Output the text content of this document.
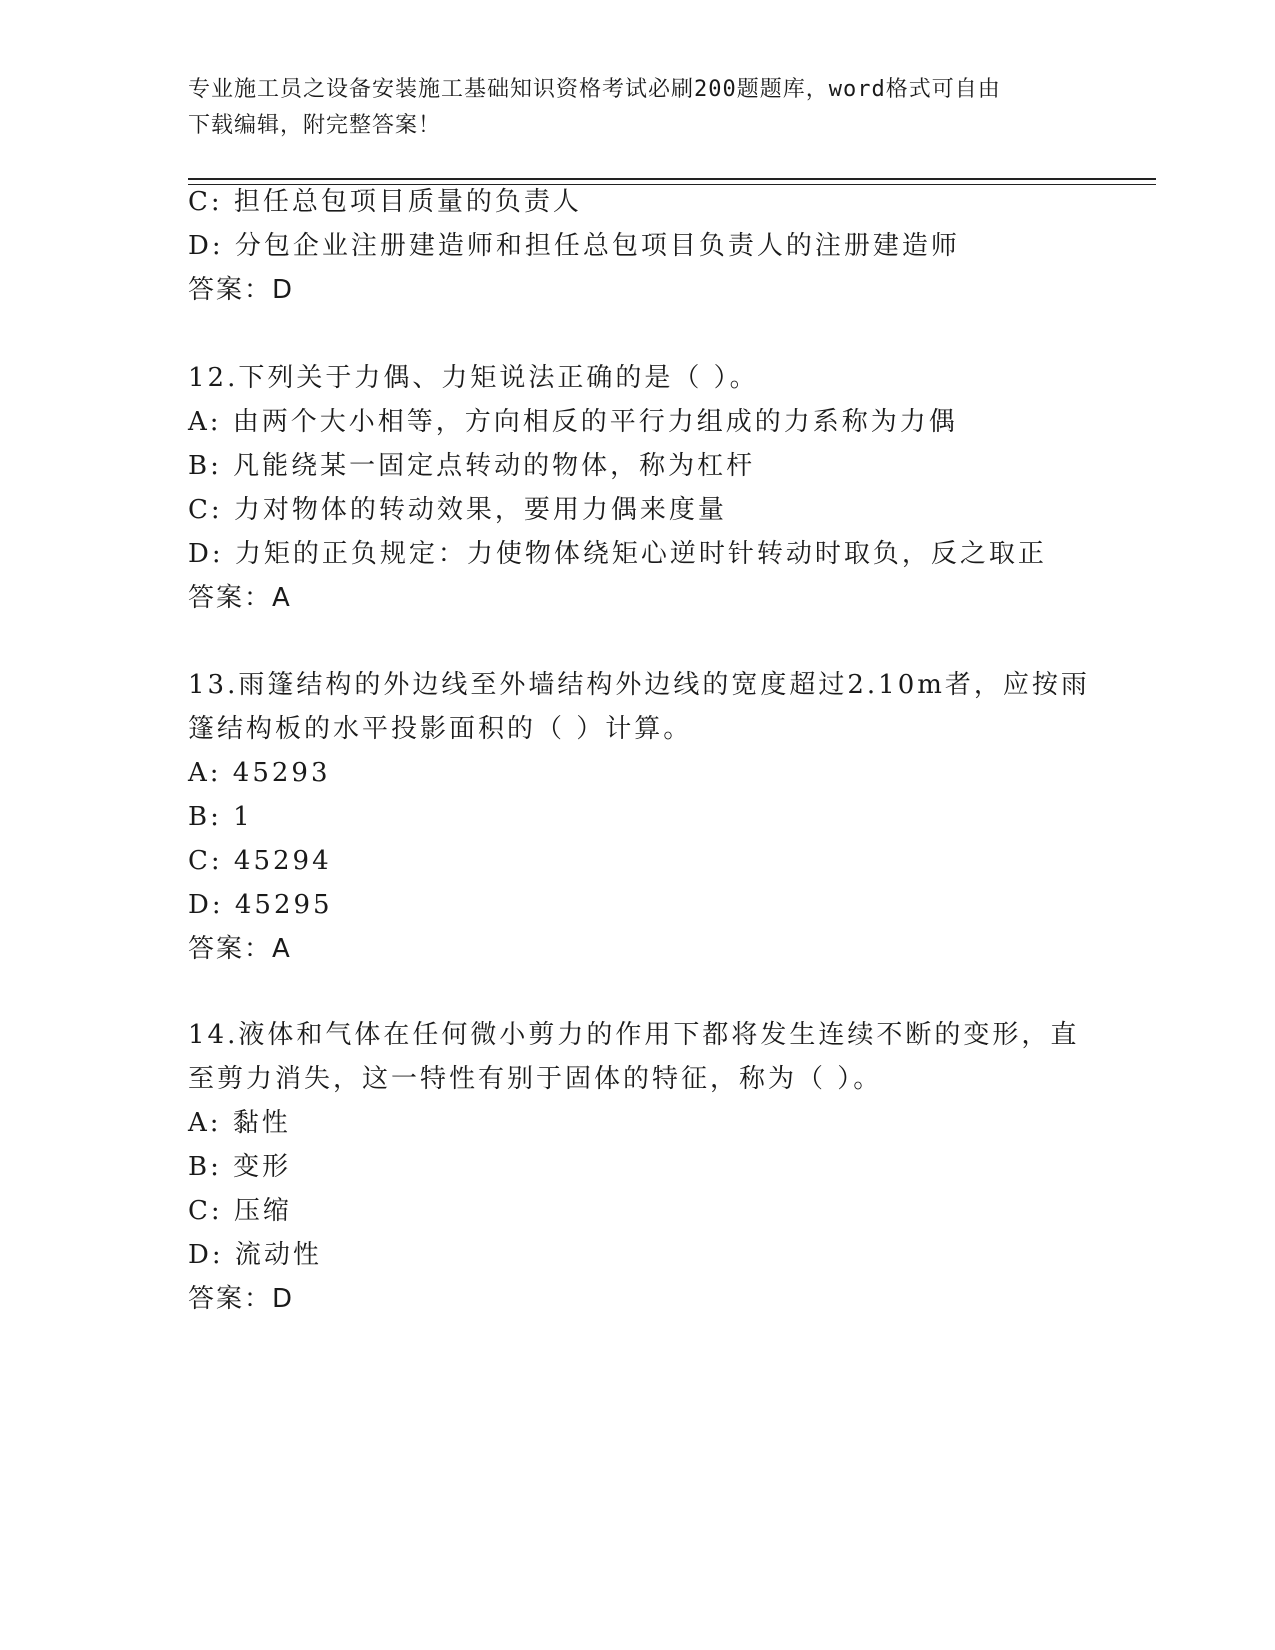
专业施工员之设备安装施工基础知识资格考试必刷200题题库，word格式可自由
下载编辑，附完整答案！
C: 担任总包项目质量的负责人
D: 分包企业注册建造师和担任总包项目负责人的注册建造师
答案：D
12.下列关于力偶、力矩说法正确的是（ ）。
A: 由两个大小相等，方向相反的平行力组成的力系称为力偶
B: 凡能绕某一固定点转动的物体，称为杠杆
C: 力对物体的转动效果，要用力偶来度量
D: 力矩的正负规定：力使物体绕矩心逆时针转动时取负，反之取正
答案：A
13.雨篷结构的外边线至外墙结构外边线的宽度超过2.10m者，应按雨
篷结构板的水平投影面积的（ ）计算。
A: 45293
B: 1
C: 45294
D: 45295
答案：A
14.液体和气体在任何微小剪力的作用下都将发生连续不断的变形，直
至剪力消失，这一特性有别于固体的特征，称为（ ）。
A: 黏性
B: 变形
C: 压缩
D: 流动性
答案：D
